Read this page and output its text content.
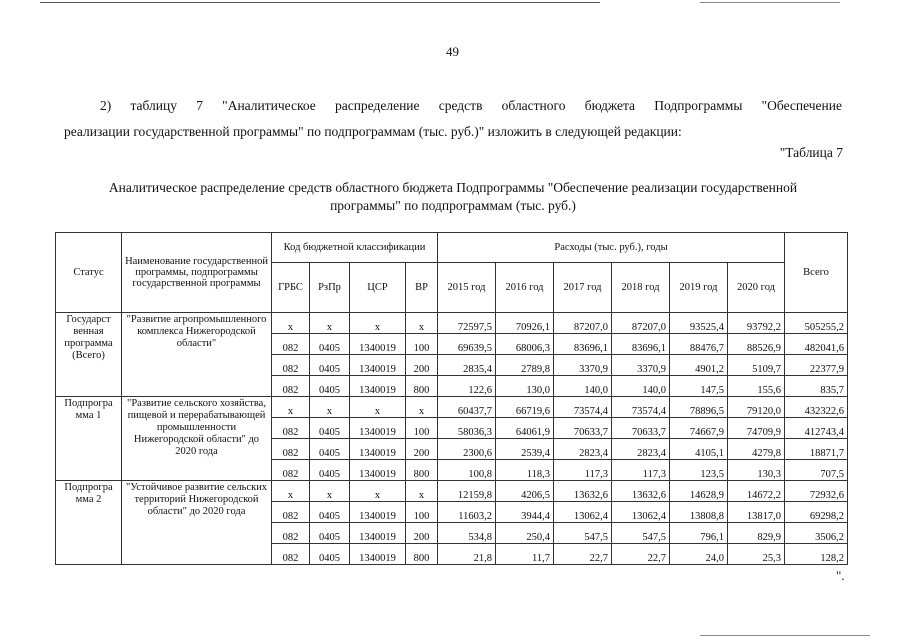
49
2) таблицу 7 "Аналитическое распределение средств областного бюджета Подпрограммы "Обеспечение
реализации государственной программы" по подпрограммам (тыс. руб.)" изложить в следующей редакции:
"Таблица 7
Аналитическое распределение средств областного бюджета Подпрограммы "Обеспечение реализации государственной
программы" по подпрограммам (тыс. руб.)
Статус	Наименование государственной программы, подпрограммы государственной программы	Код бюджетной классификации				Расходы (тыс. руб.), годы						Всего
		ГРБС	РзПр	ЦСР	ВР	2015 год	2016 год	2017 год	2018 год	2019 год	2020 год	
Государст венная программа (Всего)	"Развитие агропромышленного комплекса Нижегородской области"	х	х	х	х	72597,5	70926,1	87207,0	87207,0	93525,4	93792,2	505255,2
		082	0405	1340019	100	69639,5	68006,3	83696,1	83696,1	88476,7	88526,9	482041,6
		082	0405	1340019	200	2835,4	2789,8	3370,9	3370,9	4901,2	5109,7	22377,9
		082	0405	1340019	800	122,6	130,0	140,0	140,0	147,5	155,6	835,7
Подпрогра мма 1	"Развитие сельского хозяйства, пищевой и перерабатывающей промышленности Нижегородской области" до 2020 года	х	х	х	х	60437,7	66719,6	73574,4	73574,4	78896,5	79120,0	432322,6
		082	0405	1340019	100	58036,3	64061,9	70633,7	70633,7	74667,9	74709,9	412743,4
		082	0405	1340019	200	2300,6	2539,4	2823,4	2823,4	4105,1	4279,8	18871,7
		082	0405	1340019	800	100,8	118,3	117,3	117,3	123,5	130,3	707,5
Подпрогра мма 2	"Устойчивое развитие сельских территорий Нижегородской области" до 2020 года	х	х	х	х	12159,8	4206,5	13632,6	13632,6	14628,9	14672,2	72932,6
		082	0405	1340019	100	11603,2	3944,4	13062,4	13062,4	13808,8	13817,0	69298,2
		082	0405	1340019	200	534,8	250,4	547,5	547,5	796,1	829,9	3506,2
		082	0405	1340019	800	21,8	11,7	22,7	22,7	24,0	25,3	128,2
".
